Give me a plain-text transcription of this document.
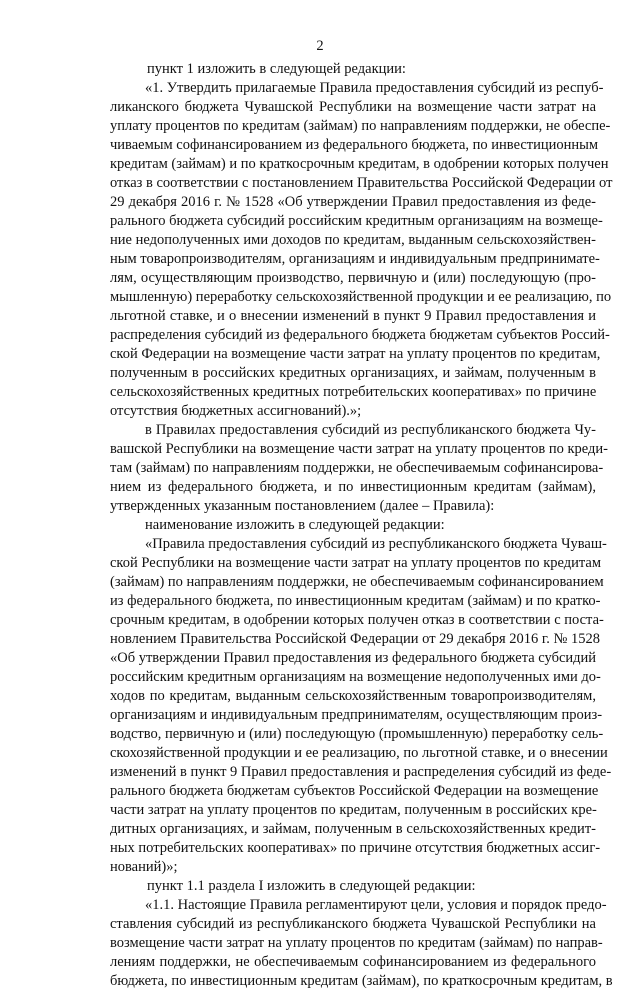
2
пункт 1 изложить в следующей редакции:
«1. Утвердить прилагаемые Правила предоставления субсидий из респуб-
ликанского бюджета Чувашской Республики на возмещение части затрат на
уплату процентов по кредитам (займам) по направлениям поддержки, не обеспе-
чиваемым софинансированием из федерального бюджета, по инвестиционным
кредитам (займам) и по краткосрочным кредитам, в одобрении которых получен
отказ в соответствии с постановлением Правительства Российской Федерации от
29 декабря 2016 г. № 1528 «Об утверждении Правил предоставления из феде-
рального бюджета субсидий российским кредитным организациям на возмеще-
ние недополученных ими доходов по кредитам, выданным сельскохозяйствен-
ным товаропроизводителям, организациям и индивидуальным предпринимате-
лям, осуществляющим производство, первичную и (или) последующую (про-
мышленную) переработку сельскохозяйственной продукции и ее реализацию, по
льготной ставке, и о внесении изменений в пункт 9 Правил предоставления и
распределения субсидий из федерального бюджета бюджетам субъектов Россий-
ской Федерации на возмещение части затрат на уплату процентов по кредитам,
полученным в российских кредитных организациях, и займам, полученным в
сельскохозяйственных кредитных потребительских кооперативах» по причине
отсутствия бюджетных ассигнований).»;
в Правилах предоставления субсидий из республиканского бюджета Чу-
вашской Республики на возмещение части затрат на уплату процентов по креди-
там (займам) по направлениям поддержки, не обеспечиваемым софинансирова-
нием из федерального бюджета, и по инвестиционным кредитам (займам),
утвержденных указанным постановлением (далее – Правила):
наименование изложить в следующей редакции:
«Правила предоставления субсидий из республиканского бюджета Чуваш-
ской Республики на возмещение части затрат на уплату процентов по кредитам
(займам) по направлениям поддержки, не обеспечиваемым софинансированием
из федерального бюджета, по инвестиционным кредитам (займам) и по кратко-
срочным кредитам, в одобрении которых получен отказ в соответствии с поста-
новлением Правительства Российской Федерации от 29 декабря 2016 г. № 1528
«Об утверждении Правил предоставления из федерального бюджета субсидий
российским кредитным организациям на возмещение недополученных ими до-
ходов по кредитам, выданным сельскохозяйственным товаропроизводителям,
организациям и индивидуальным предпринимателям, осуществляющим произ-
водство, первичную и (или) последующую (промышленную) переработку сель-
скохозяйственной продукции и ее реализацию, по льготной ставке, и о внесении
изменений в пункт 9 Правил предоставления и распределения субсидий из феде-
рального бюджета бюджетам субъектов Российской Федерации на возмещение
части затрат на уплату процентов по кредитам, полученным в российских кре-
дитных организациях, и займам, полученным в сельскохозяйственных кредит-
ных потребительских кооперативах» по причине отсутствия бюджетных ассиг-
нований)»;
пункт 1.1 раздела I изложить в следующей редакции:
«1.1. Настоящие Правила регламентируют цели, условия и порядок предо-
ставления субсидий из республиканского бюджета Чувашской Республики на
возмещение части затрат на уплату процентов по кредитам (займам) по направ-
лениям поддержки, не обеспечиваемым софинансированием из федерального
бюджета, по инвестиционным кредитам (займам), по краткосрочным кредитам, в
